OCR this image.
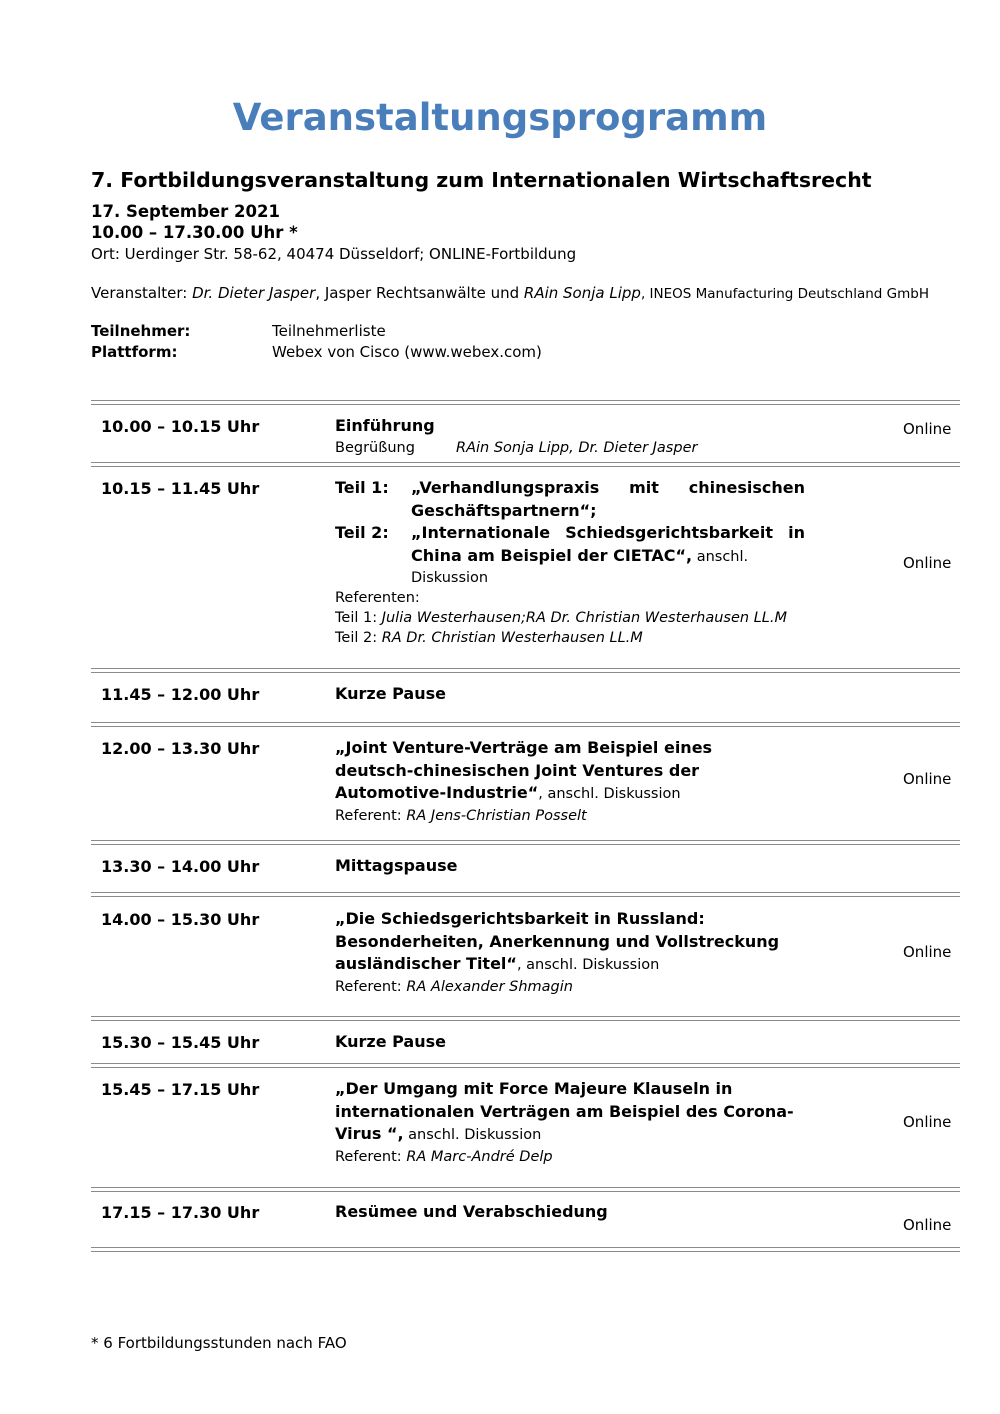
Veranstaltungsprogramm
7. Fortbildungsveranstaltung zum Internationalen Wirtschaftsrecht
17. September 2021
10.00 – 17.30.00 Uhr *
Ort: Uerdinger Str. 58-62, 40474 Düsseldorf; ONLINE-Fortbildung
Veranstalter: Dr. Dieter Jasper, Jasper Rechtsanwälte und RAin Sonja Lipp, INEOS Manufacturing Deutschland GmbH
Teilnehmer:	Teilnehmerliste
Plattform:	Webex von Cisco (www.webex.com)
10.00 – 10.15 Uhr	Einführung
Begrüßung	RAin Sonja Lipp, Dr. Dieter Jasper
Online
10.15 – 11.45 Uhr	Teil 1:	„Verhandlungspraxis mit chinesischen Geschäftspartnern“;
Teil 2:	„Internationale Schiedsgerichtsbarkeit in China am Beispiel der CIETAC“, anschl.
Diskussion
Referenten:
Teil 1: Julia Westerhausen;RA Dr. Christian Westerhausen LL.M
Teil 2: RA Dr. Christian Westerhausen LL.M
Online
11.45 – 12.00 Uhr	Kurze Pause
12.00 – 13.30 Uhr	„Joint Venture-Verträge am Beispiel eines deutsch-chinesischen Joint Ventures der Automotive-Industrie“, anschl. Diskussion
Referent: RA Jens-Christian Posselt
Online
13.30 – 14.00 Uhr	Mittagspause
14.00 – 15.30 Uhr	„Die Schiedsgerichtsbarkeit in Russland: Besonderheiten, Anerkennung und Vollstreckung ausländischer Titel“, anschl. Diskussion
Referent: RA Alexander Shmagin
Online
15.30 – 15.45 Uhr	Kurze Pause
15.45 – 17.15 Uhr	„Der Umgang mit Force Majeure Klauseln in internationalen Verträgen am Beispiel des Corona-Virus “, anschl. Diskussion
Referent: RA Marc-André Delp
Online
17.15 – 17.30 Uhr	Resümee und Verabschiedung
Online
* 6 Fortbildungsstunden nach FAO
